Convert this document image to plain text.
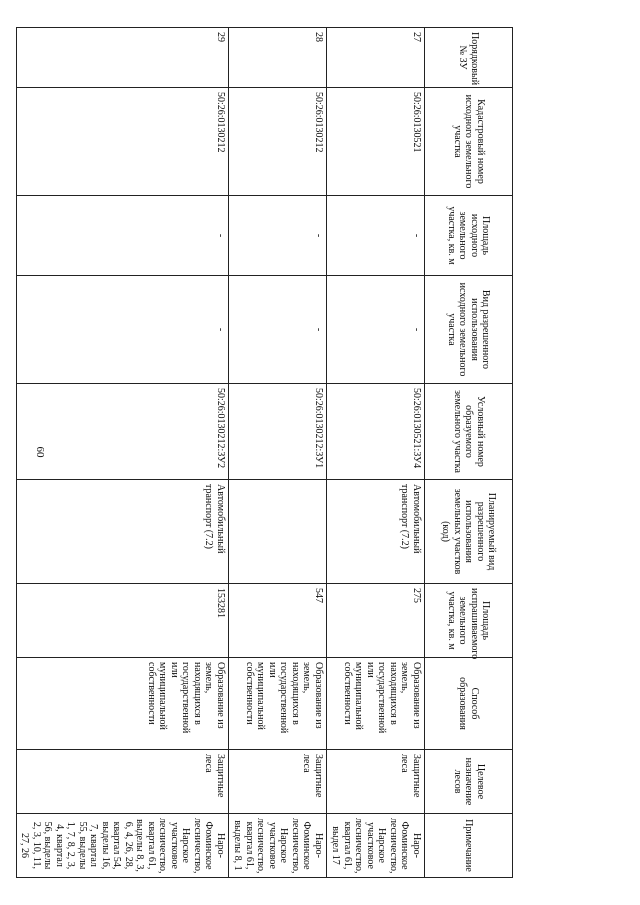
60
Порядковый № ЗУ	Кадастровый номер исходного земельного участка	Площадь исходного земельного участка, кв. м	Вид разрешенного использования исходного земельного участка	Условный номер образуемого земельного участка	Планируемый вид разрешенного использования земельных участков (код)	Площадь испрашиваемого земельного участка, кв. м	Способ образования	Целевое назначение лесов	Примечание
27	50:26:0130521	-	-	50:26:0130521:ЗУ4	Автомобильный транспорт (7.2)	275	Образование из земель, находящихся в государственной или муниципальной собственности	Защитные леса	Наро-Фоминское лесничество, Нарское участковое лесничество, квартал 61, выдел 17
28	50:26:0130212	-	-	50:26:0130212:ЗУ1		547	Образование из земель, находящихся в государственной или муниципальной собственности	Защитные леса	Наро-Фоминское лесничество, Нарское участковое лесничество, квартал 61, выделы 8, 1
29	50:26:0130212	-	-	50:26:0130212:ЗУ2	Автомобильный транспорт (7.2)	153281	Образование из земель, находящихся в государственной или муниципальной собственности	Защитные леса	Наро-Фоминское лесничество, Нарское участковое лесничество, квартал 61, выделы 8, 3, 6, 4, 26, 28, квартал 54, выделы 16, 7, квартал 55, выделы 1, 7, 8, 2, 3, 4, квартал 56, выделы 2, 3, 10, 11, 27, 26
